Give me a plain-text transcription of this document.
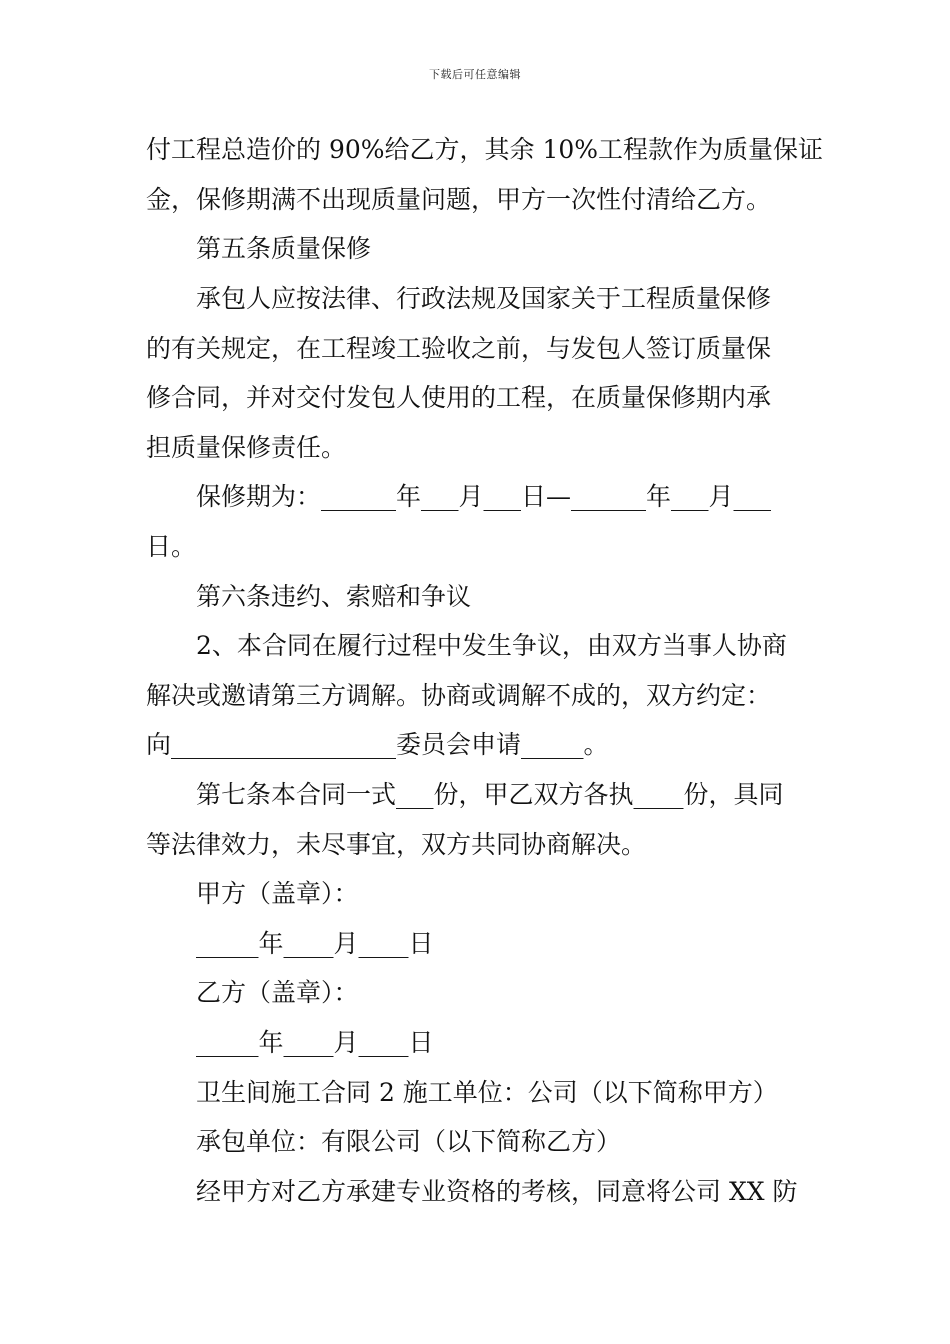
下载后可任意编辑
付工程总造价的 90%给乙方，其余 10%工程款作为质量保证
金，保修期满不出现质量问题，甲方一次性付清给乙方。
第五条质量保修
承包人应按法律、行政法规及国家关于工程质量保修
的有关规定，在工程竣工验收之前，与发包人签订质量保
修合同，并对交付发包人使用的工程，在质量保修期内承
担质量保修责任。
保修期为：______年___月___日—______年___月___
日。
第六条违约、索赔和争议
2、本合同在履行过程中发生争议，由双方当事人协商
解决或邀请第三方调解。协商或调解不成的，双方约定：
向__________________委员会申请_____。
第七条本合同一式___份，甲乙双方各执____份，具同
等法律效力，未尽事宜，双方共同协商解决。
甲方（盖章）：
_____年____月____日
乙方（盖章）：
_____年____月____日
卫生间施工合同 2 施工单位：公司（以下简称甲方）
承包单位：有限公司（以下简称乙方）
经甲方对乙方承建专业资格的考核，同意将公司 XX 防
